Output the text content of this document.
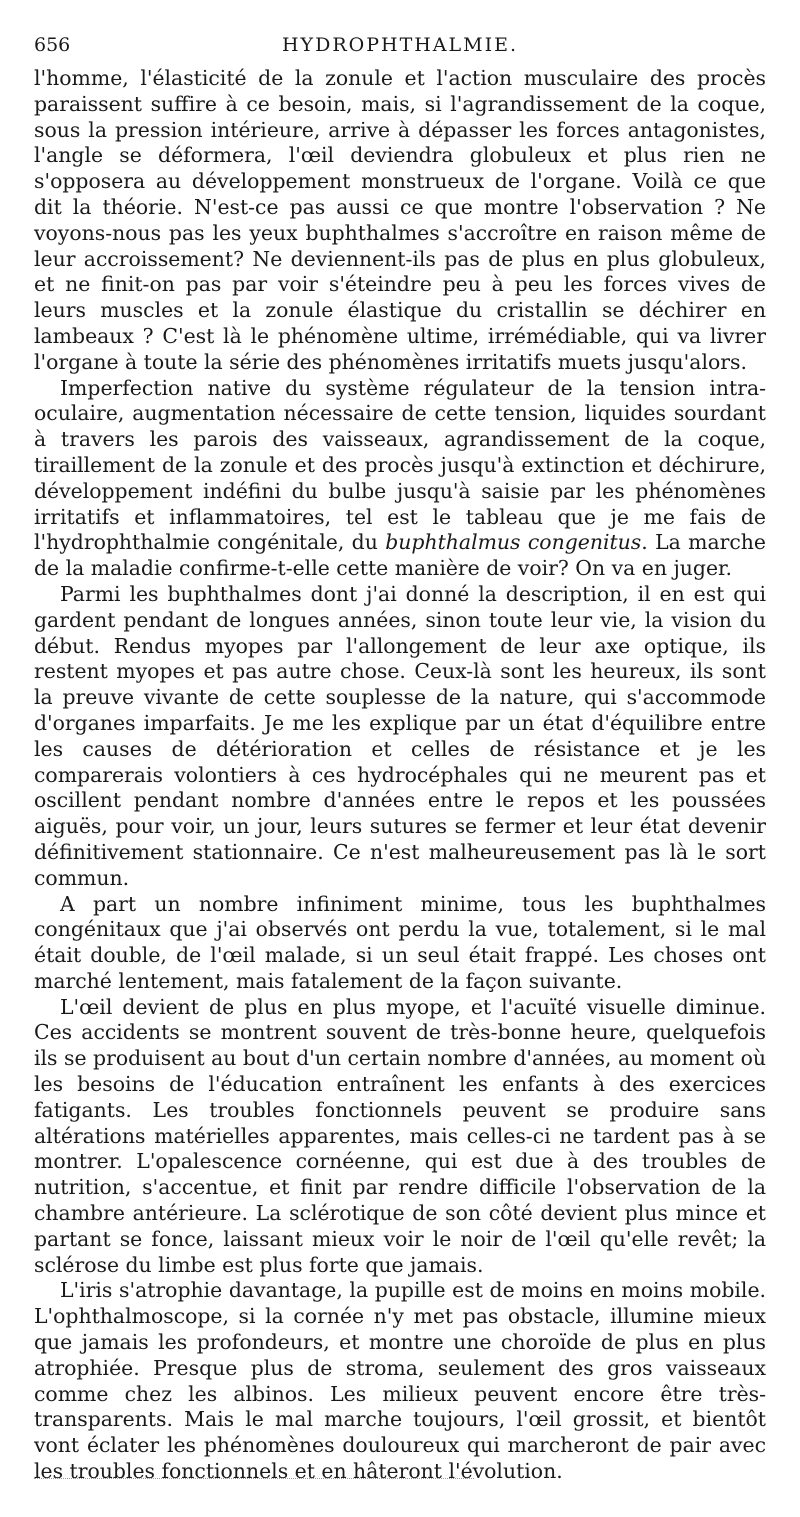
656	HYDROPHTHALMIE.

l'homme, l'élasticité de la zonule et l'action musculaire des procès paraissent suffire à ce besoin, mais, si l'agrandissement de la coque, sous la pression intérieure, arrive à dépasser les forces antagonistes, l'angle se déformera, l'œil deviendra globuleux et plus rien ne s'opposera au développement monstrueux de l'organe. Voilà ce que dit la théorie. N'est-ce pas aussi ce que montre l'observation ? Ne voyons-nous pas les yeux buphthalmes s'accroître en raison même de leur accroissement? Ne deviennent-ils pas de plus en plus globuleux, et ne finit-on pas par voir s'éteindre peu à peu les forces vives de leurs muscles et la zonule élastique du cristallin se déchirer en lambeaux ? C'est là le phénomène ultime, irrémédiable, qui va livrer l'organe à toute la série des phénomènes irritatifs muets jusqu'alors.

Imperfection native du système régulateur de la tension intra-oculaire, augmentation nécessaire de cette tension, liquides sourdant à travers les parois des vaisseaux, agrandissement de la coque, tiraillement de la zonule et des procès jusqu'à extinction et déchirure, développement indéfini du bulbe jusqu'à saisie par les phénomènes irritatifs et inflammatoires, tel est le tableau que je me fais de l'hydrophthalmie congénitale, du buphthalmus congenitus. La marche de la maladie confirme-t-elle cette manière de voir? On va en juger.

Parmi les buphthalmes dont j'ai donné la description, il en est qui gardent pendant de longues années, sinon toute leur vie, la vision du début. Rendus myopes par l'allongement de leur axe optique, ils restent myopes et pas autre chose. Ceux-là sont les heureux, ils sont la preuve vivante de cette souplesse de la nature, qui s'accommode d'organes imparfaits. Je me les explique par un état d'équilibre entre les causes de détérioration et celles de résistance et je les comparerais volontiers à ces hydrocéphales qui ne meurent pas et oscillent pendant nombre d'années entre le repos et les poussées aiguës, pour voir, un jour, leurs sutures se fermer et leur état devenir définitivement stationnaire. Ce n'est malheureusement pas là le sort commun.

A part un nombre infiniment minime, tous les buphthalmes congénitaux que j'ai observés ont perdu la vue, totalement, si le mal était double, de l'œil malade, si un seul était frappé. Les choses ont marché lentement, mais fatalement de la façon suivante.

L'œil devient de plus en plus myope, et l'acuïté visuelle diminue. Ces accidents se montrent souvent de très-bonne heure, quelquefois ils se produisent au bout d'un certain nombre d'années, au moment où les besoins de l'éducation entraînent les enfants à des exercices fatigants. Les troubles fonctionnels peuvent se produire sans altérations matérielles apparentes, mais celles-ci ne tardent pas à se montrer. L'opalescence cornéenne, qui est due à des troubles de nutrition, s'accentue, et finit par rendre difficile l'observation de la chambre antérieure. La sclérotique de son côté devient plus mince et partant se fonce, laissant mieux voir le noir de l'œil qu'elle revêt; la sclérose du limbe est plus forte que jamais.

L'iris s'atrophie davantage, la pupille est de moins en moins mobile. L'ophthalmoscope, si la cornée n'y met pas obstacle, illumine mieux que jamais les profondeurs, et montre une choroïde de plus en plus atrophiée. Presque plus de stroma, seulement des gros vaisseaux comme chez les albinos. Les milieux peuvent encore être très-transparents. Mais le mal marche toujours, l'œil grossit, et bientôt vont éclater les phénomènes douloureux qui marcheront de pair avec les troubles fonctionnels et en hâteront l'évolution.
